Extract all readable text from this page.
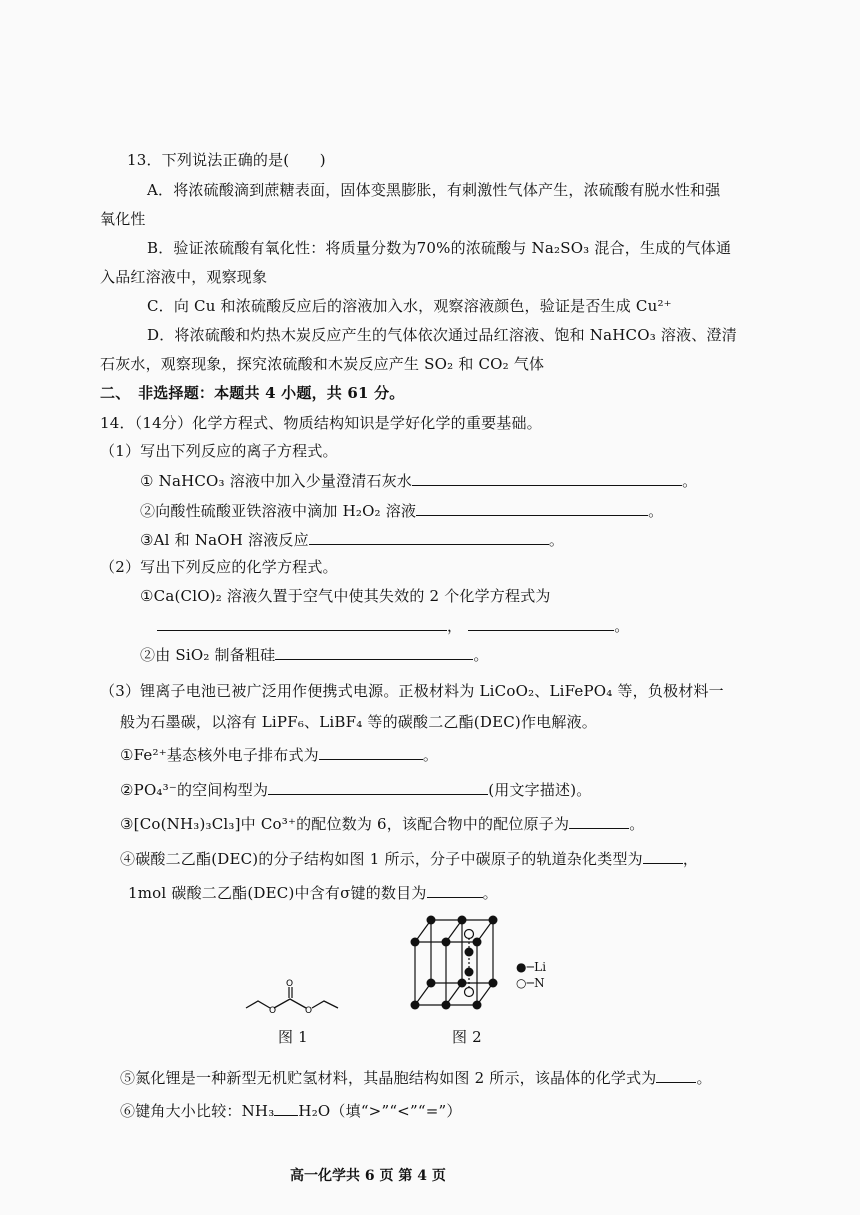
13．下列说法正确的是(　　)
A．将浓硫酸滴到蔗糖表面，固体变黑膨胀，有刺激性气体产生，浓硫酸有脱水性和强
氧化性
B．验证浓硫酸有氧化性：将质量分数为70%的浓硫酸与 Na₂SO₃ 混合，生成的气体通
入品红溶液中，观察现象
C．向 Cu 和浓硫酸反应后的溶液加入水，观察溶液颜色，验证是否生成 Cu²⁺
D．将浓硫酸和灼热木炭反应产生的气体依次通过品红溶液、饱和 NaHCO₃ 溶液、澄清
石灰水，观察现象，探究浓硫酸和木炭反应产生 SO₂ 和 CO₂ 气体
二、　非选择题：本题共 4 小题，共 61 分。
14．（14分）化学方程式、物质结构知识是学好化学的重要基础。
（1）写出下列反应的离子方程式。
① NaHCO₃ 溶液中加入少量澄清石灰水	。
②向酸性硫酸亚铁溶液中滴加 H₂O₂ 溶液	。
③Al 和 NaOH 溶液反应	。
（2）写出下列反应的化学方程式。
①Ca(ClO)₂ 溶液久置于空气中使其失效的 2 个化学方程式为
，	。
②由 SiO₂ 制备粗硅	。
（3）锂离子电池已被广泛用作便携式电源。正极材料为 LiCoO₂、LiFePO₄ 等，负极材料一
般为石墨碳，以溶有 LiPF₆、LiBF₄ 等的碳酸二乙酯(DEC)作电解液。
①Fe²⁺基态核外电子排布式为	。
②PO₄³⁻的空间构型为	(用文字描述)。
③[Co(NH₃)₃Cl₃]中 Co³⁺的配位数为 6，该配合物中的配位原子为	。
④碳酸二乙酯(DEC)的分子结构如图 1 所示，分子中碳原子的轨道杂化类型为	，
1mol 碳酸二乙酯(DEC)中含有σ键的数目为	。
O
O	O
图 1
●─Li
○─N
图 2
⑤氮化锂是一种新型无机贮氢材料，其晶胞结构如图 2 所示，该晶体的化学式为	。
⑥键角大小比较：NH₃ H₂O（填“>”“<”“=”）
高一化学共 6 页 第 4 页
